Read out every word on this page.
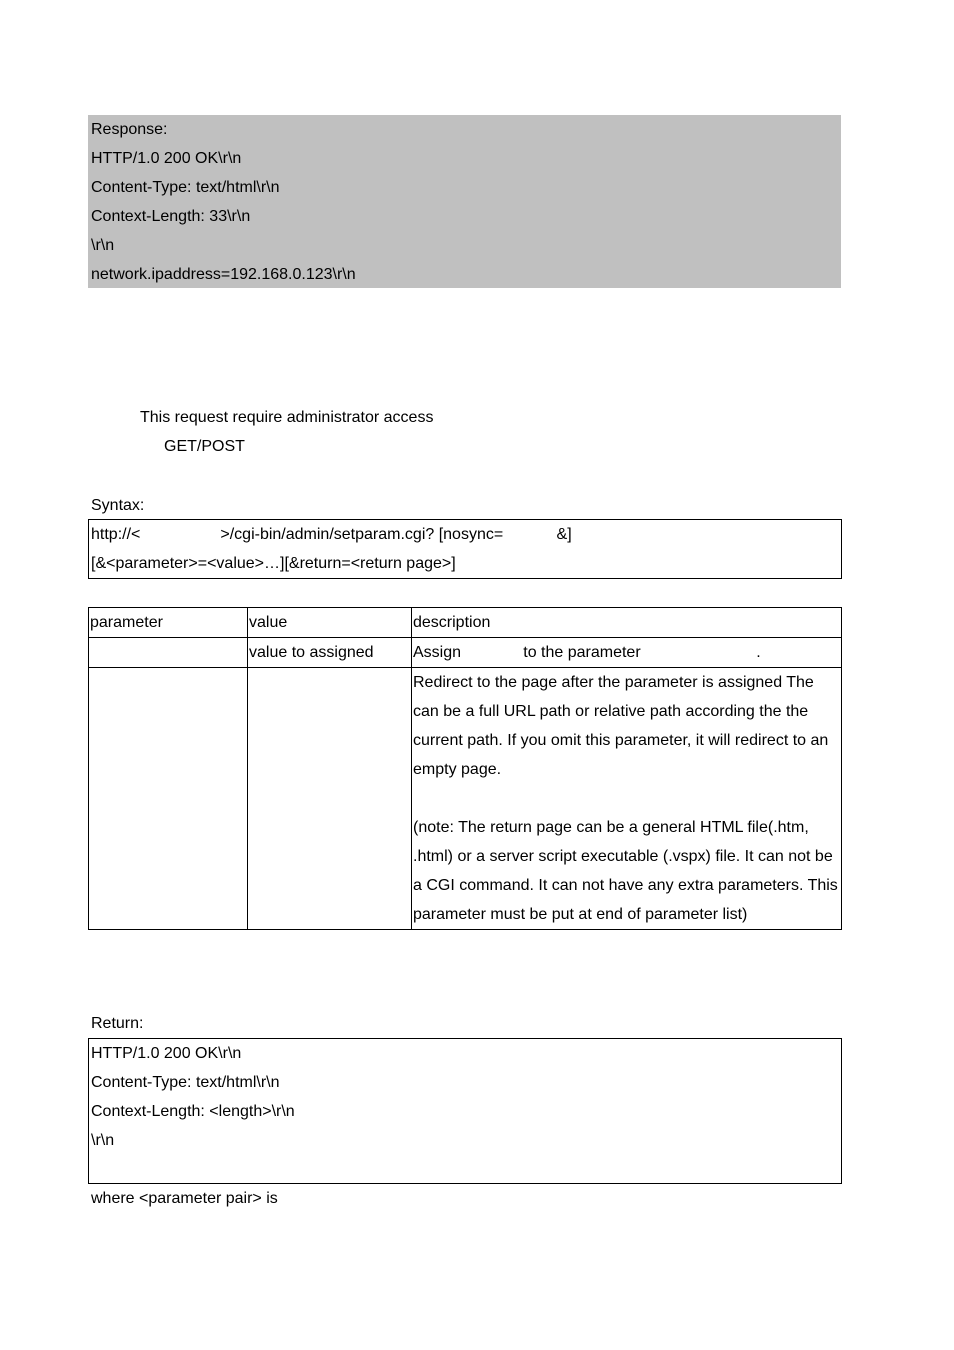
Response:
HTTP/1.0 200 OK\r\n
Content-Type: text/html\r\n
Context-Length: 33\r\n
\r\n
network.ipaddress=192.168.0.123\r\n
This request require administrator access
GET/POST
Syntax:
http://<                  >/cgi-bin/admin/setparam.cgi? [nosync=            &]
[&<parameter>=<value>…][&return=<return page>]
parameter	value	description
	value to assigned	Assign              to the parameter                          .

		Redirect to the page after the parameter is assigned The can be a full URL path or relative path according the the current path. If you omit this parameter, it will redirect to an empty page.

(note: The return page can be a general HTML file(.htm, .html) or a server script executable (.vspx) file. It can not be a CGI command. It can not have any extra parameters. This parameter must be put at end of parameter list)

Return:
HTTP/1.0 200 OK\r\n
Content-Type: text/html\r\n
Context-Length: <length>\r\n
\r\n
where <parameter pair> is
